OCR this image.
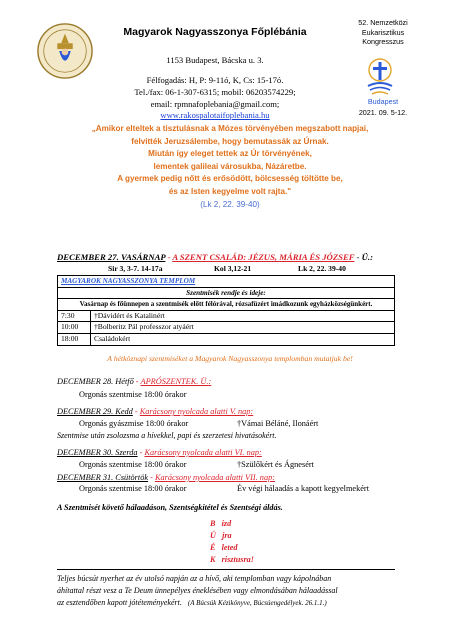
Magyarok Nagyasszonya Főplébánia
1153 Budapest, Bácska u. 3.
Félfogadás: H, P: 9-11ó, K, Cs: 15-17ó.
Tel./fax: 06-1-307-6315; mobil: 06203574229;
email: rpmnafoplebania@gmail.com;
www.rakospalotaifoplebania.hu
52. Nemzetközi
Eukarisztikus
Kongresszus
Budapest
2021. 09. 5-12.
„Amikor elteltek a tisztulásnak a Mózes törvényében megszabott napjai,
felvitték Jeruzsálembe, hogy bemutassák az Úrnak.
Miután így eleget tettek az Úr törvényének,
lementek galileai városukba, Názáretbe.
A gyermek pedig nőtt és erősödött, bölcsesség töltötte be,
és az Isten kegyelme volt rajta."
(Lk 2, 22. 39-40)
DECEMBER 27. VASÁRNAP - A SZENT CSALÁD: JÉZUS, MÁRIA ÉS JÓZSEF - Ü.:
Sir 3, 3-7. 14-17a	Kol 3,12-21	Lk 2, 22. 39-40
MAGYAROK NAGYASSZONYA TEMPLOM	
Szentmisék rendje és ideje:	
Vasárnap és főünnepen a szentmisék előtt félórával, rózsafüzért imádkozunk egyházközségünkért.	
7:30	†Dávidért és Katalinért
10:00	†Bolberitz Pál professzor atyáért
18:00	Családokért
A hétköznapi szentmiséket a Magyarok Nagyasszonya templomban mutatjuk be!
DECEMBER 28. Hétfő - APRÓSZENTEK. Ü.:
Orgonás szentmise 18:00 órakor
DECEMBER 29. Kedd - Karácsony nyolcada alatti V. nap:
Orgonás gyászmise 18:00 órakor	†Vámai Béláné, Ilonáért
Szentmise után zsolozsma a hívekkel, papi és szerzetesi hivatásokért.
DECEMBER 30. Szerda - Karácsony nyolcada alatti VI. nap:
Orgonás szentmise 18:00 órakor	†Szülőkért és Ágnesért
DECEMBER 31. Csütörtök - Karácsony nyolcada alatti VII. nap:
Orgonás szentmise 18:00 órakor	Év végi hálaadás a kapott kegyelmekért
A Szentmisét követő hálaadáson, Szentségkitétel és Szentségi áldás.
B izd
Ú jra
É leted
K risztusra!
Teljes búcsút nyerhet az év utolsó napján az a hívő, aki templomban vagy kápolnában
áhítattal részt vesz a Te Deum ünnepélyes éneklésében vagy elmondásában hálaadással
az esztendőben kapott jótéteményekért. (A Búcsúk Kézikönyve, Búcsúengedélyek. 26.1.1.)
